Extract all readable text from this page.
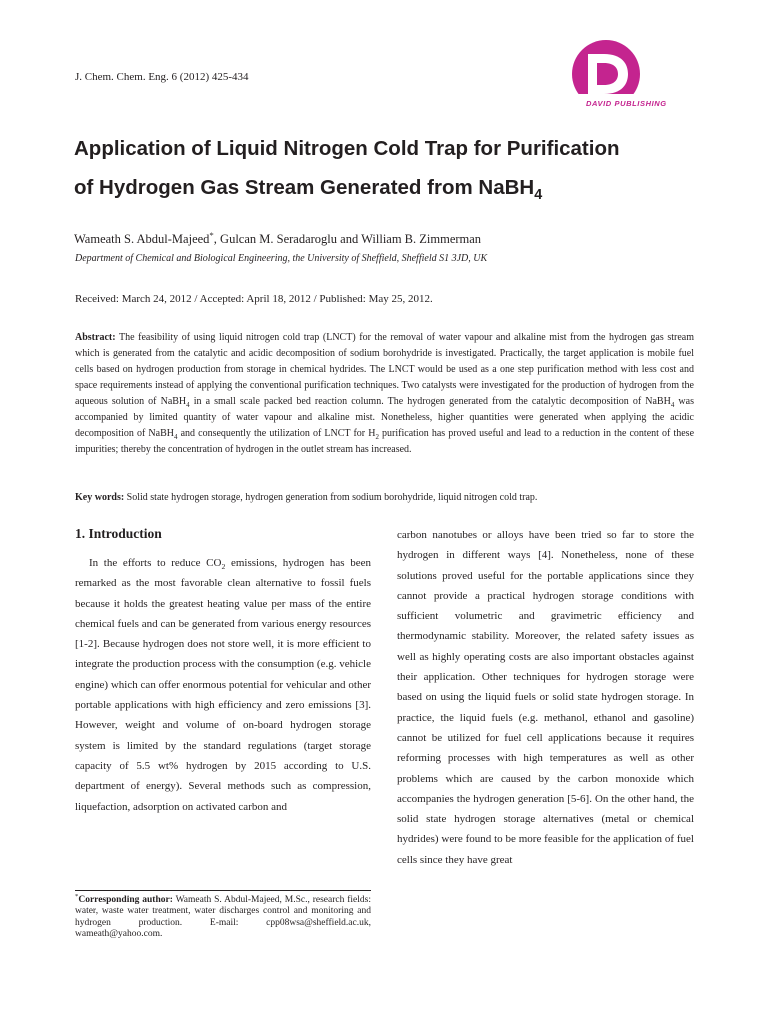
J. Chem. Chem. Eng. 6 (2012) 425-434
DAVID PUBLISHING
Application of Liquid Nitrogen Cold Trap for Purification
of Hydrogen Gas Stream Generated from NaBH$_4$
Wameath S. Abdul-Majeed*, Gulcan M. Seradaroglu and William B. Zimmerman
Department of Chemical and Biological Engineering, the University of Sheffield, Sheffield S1 3JD, UK
Received: March 24, 2012 / Accepted: April 18, 2012 / Published: May 25, 2012.
Abstract: The feasibility of using liquid nitrogen cold trap (LNCT) for the removal of water vapour and alkaline mist from the hydrogen gas stream which is generated from the catalytic and acidic decomposition of sodium borohydride is investigated. Practically, the target application is mobile fuel cells based on hydrogen production from storage in chemical hydrides. The LNCT would be used as a one step purification method with less cost and space requirements instead of applying the conventional purification techniques. Two catalysts were investigated for the production of hydrogen from the aqueous solution of NaBH$_4$ in a small scale packed bed reaction column. The hydrogen generated from the catalytic decomposition of NaBH$_4$ was accompanied by limited quantity of water vapour and alkaline mist. Nonetheless, higher quantities were generated when applying the acidic decomposition of NaBH$_4$ and consequently the utilization of LNCT for $H_2$ purification has proved useful and lead to a reduction in the content of these impurities; thereby the concentration of hydrogen in the outlet stream has increased.
Key words: Solid state hydrogen storage, hydrogen generation from sodium borohydride, liquid nitrogen cold trap.
1. Introduction
In the efforts to reduce $CO_2$ emissions, hydrogen has been remarked as the most favorable clean alternative to fossil fuels because it holds the greatest heating value per mass of the entire chemical fuels and can be generated from various energy resources [1-2]. Because hydrogen does not store well, it is more efficient to integrate the production process with the consumption (e.g. vehicle engine) which can offer enormous potential for vehicular and other portable applications with high efficiency and zero emissions [3]. However, weight and volume of on-board hydrogen storage system is limited by the standard regulations (target storage capacity of 5.5 wt% hydrogen by 2015 according to U.S. department of energy). Several methods such as compression, liquefaction, adsorption on activated carbon and
carbon nanotubes or alloys have been tried so far to store the hydrogen in different ways [4]. Nonetheless, none of these solutions proved useful for the portable applications since they cannot provide a practical hydrogen storage conditions with sufficient volumetric and gravimetric efficiency and thermodynamic stability. Moreover, the related safety issues as well as highly operating costs are also important obstacles against their application. Other techniques for hydrogen storage were based on using the liquid fuels or solid state hydrogen storage. In practice, the liquid fuels (e.g. methanol, ethanol and gasoline) cannot be utilized for fuel cell applications because it requires reforming processes with high temperatures as well as other problems which are caused by the carbon monoxide which accompanies the hydrogen generation [5-6]. On the other hand, the solid state hydrogen storage alternatives (metal or chemical hydrides) were found to be more feasible for the application of fuel cells since they have great
*Corresponding author: Wameath S. Abdul-Majeed, M.Sc., research fields: water, waste water treatment, water discharges control and monitoring and hydrogen production. E-mail: cpp08wsa@sheffield.ac.uk, wameath@yahoo.com.
